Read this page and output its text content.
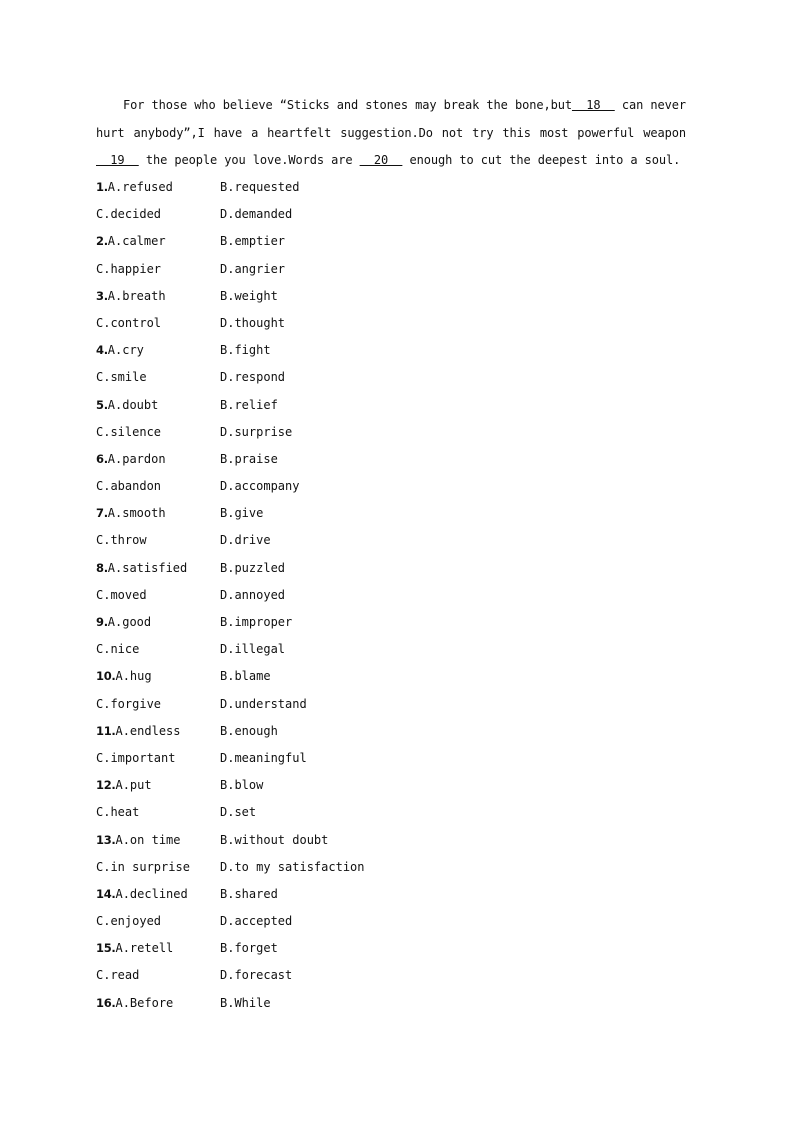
For those who believe “Sticks and stones may break the bone,but  18   can never hurt anybody”,I have a heartfelt suggestion.Do not try this most powerful weapon   19   the people you love.Words are   20   enough to cut the deepest into a soul.

1.A.refused	B.requested
C.decided	D.demanded
2.A.calmer	B.emptier
C.happier	D.angrier
3.A.breath	B.weight
C.control	D.thought
4.A.cry	B.fight
C.smile	D.respond
5.A.doubt	B.relief
C.silence	D.surprise
6.A.pardon	B.praise
C.abandon	D.accompany
7.A.smooth	B.give
C.throw	D.drive
8.A.satisfied	B.puzzled
C.moved	D.annoyed
9.A.good	B.improper
C.nice	D.illegal
10.A.hug	B.blame
C.forgive	D.understand
11.A.endless	B.enough
C.important	D.meaningful
12.A.put	B.blow
C.heat	D.set
13.A.on time	B.without doubt
C.in surprise	D.to my satisfaction
14.A.declined	B.shared
C.enjoyed	D.accepted
15.A.retell	B.forget
C.read	D.forecast
16.A.Before	B.While
